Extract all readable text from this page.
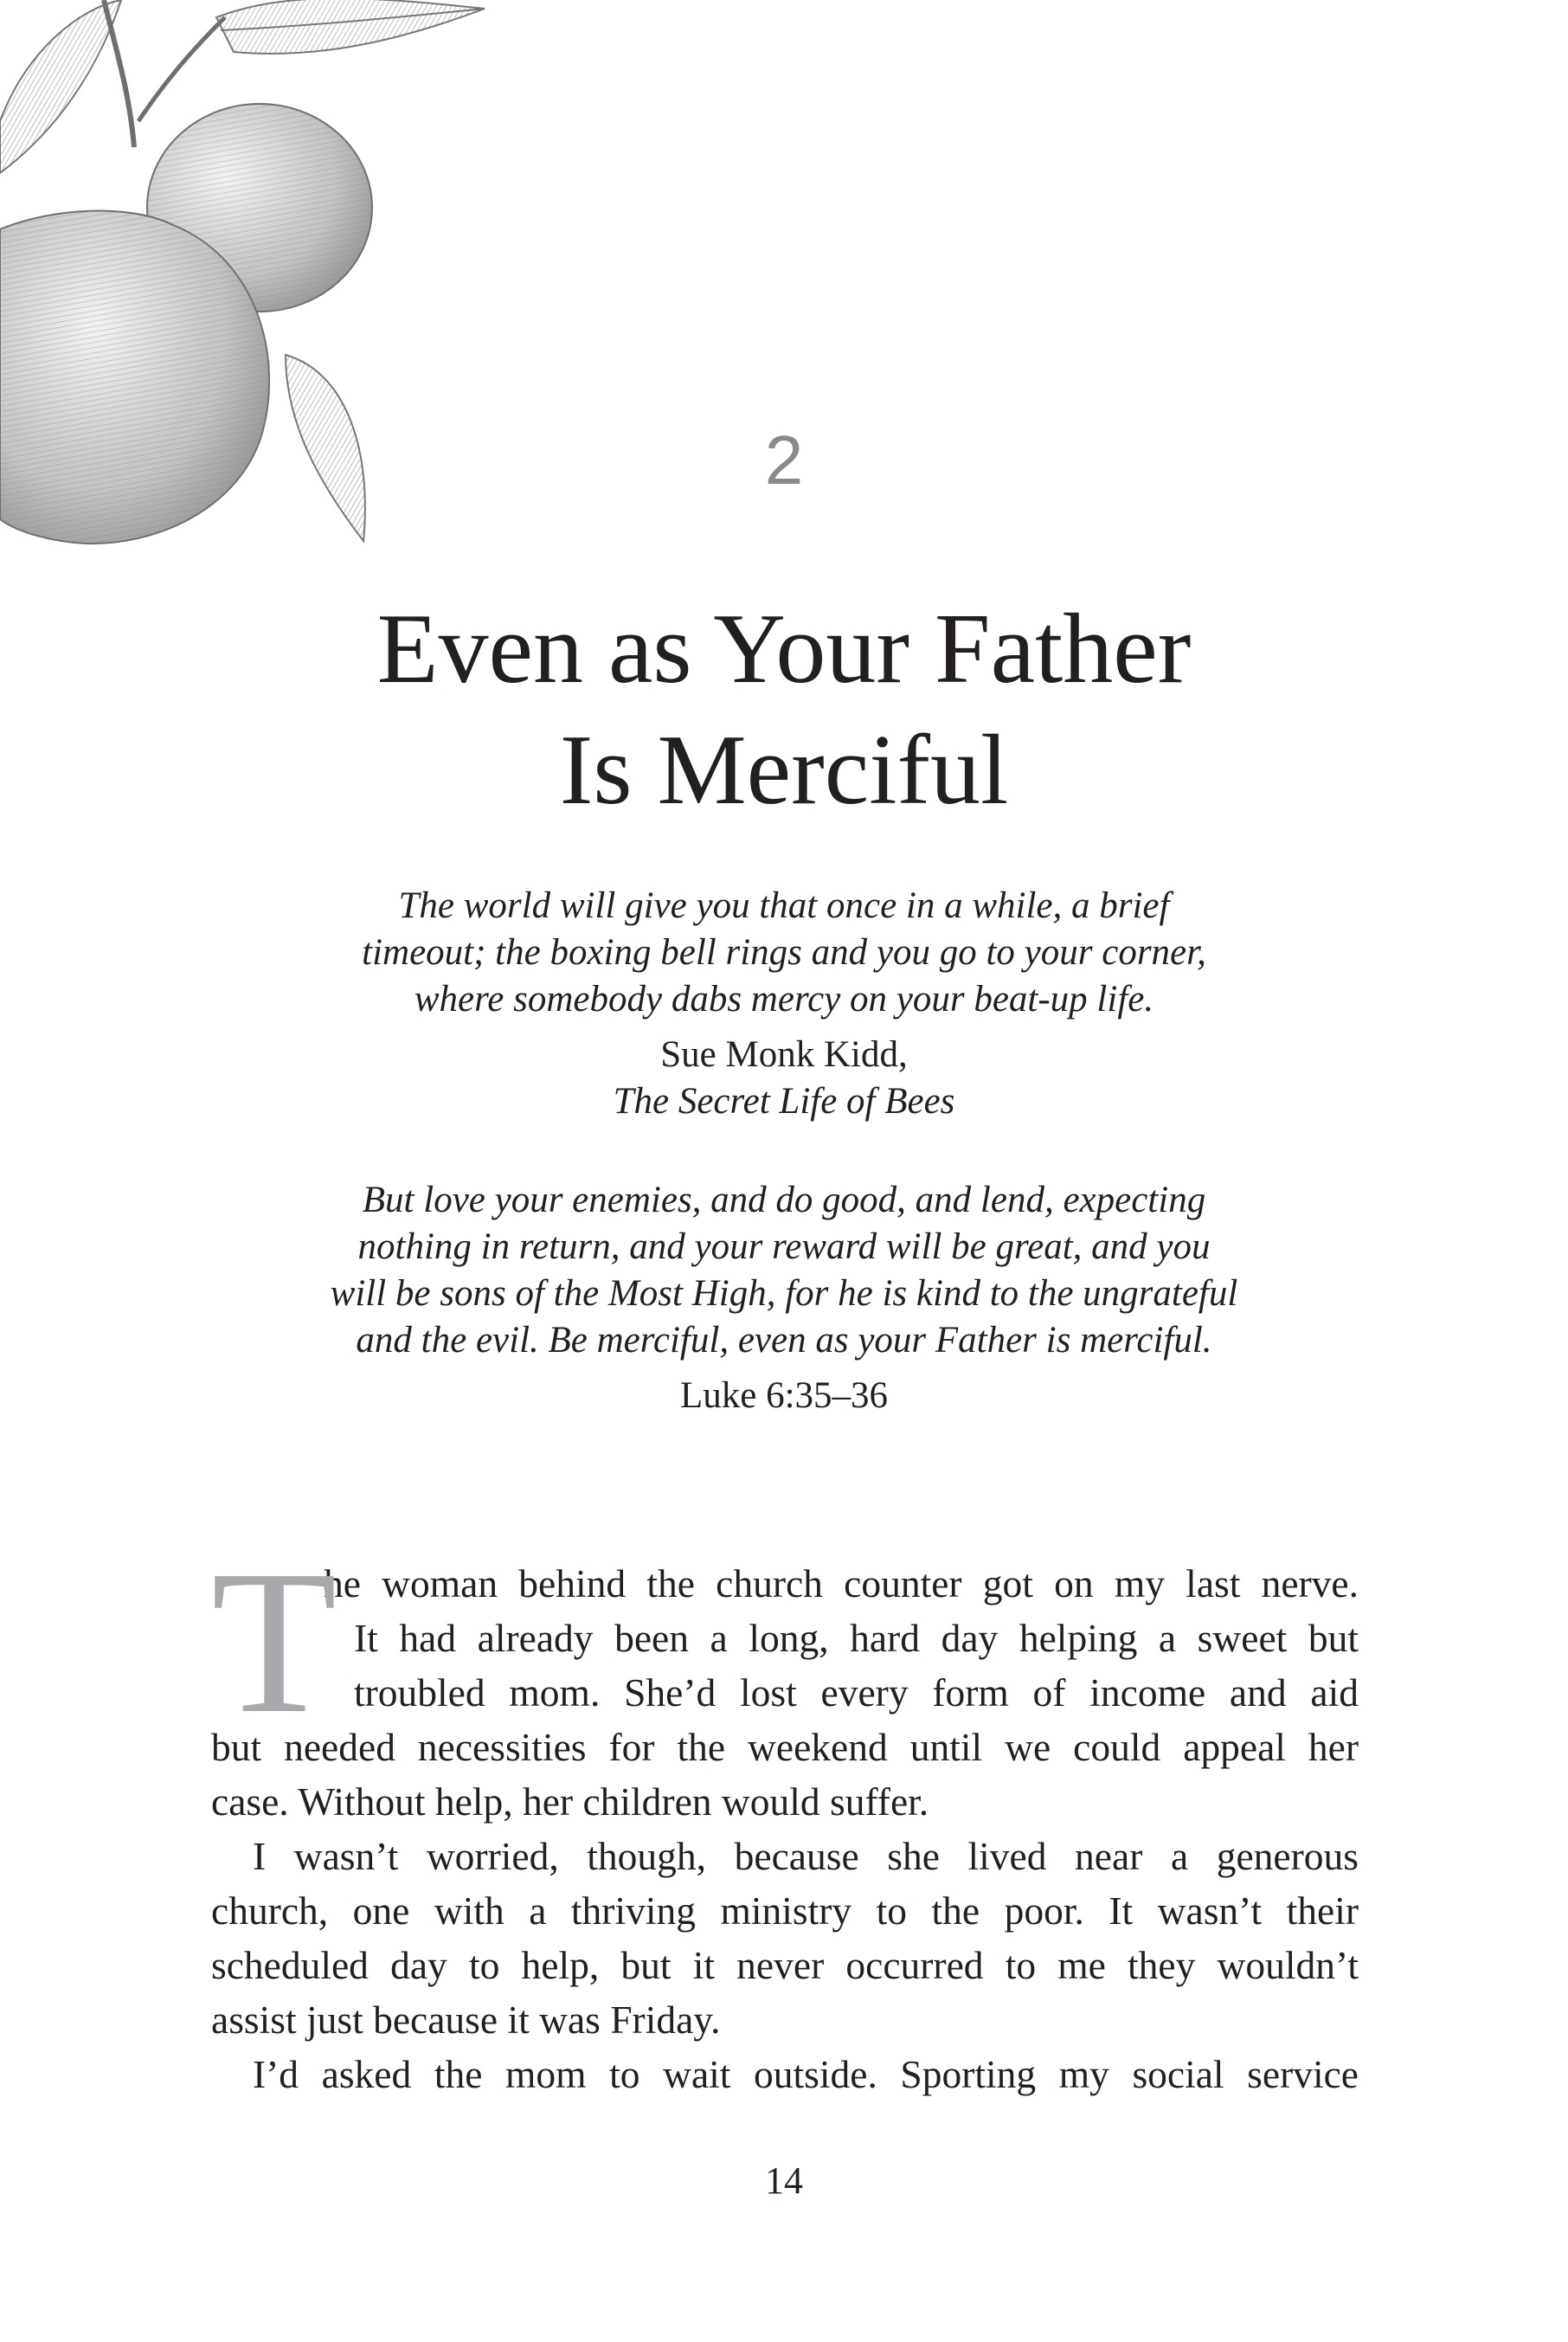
2
Even as Your Father
Is Merciful
The world will give you that once in a while, a brief
timeout; the boxing bell rings and you go to your corner,
where somebody dabs mercy on your beat-up life.
Sue Monk Kidd,
The Secret Life of Bees
But love your enemies, and do good, and lend, expecting
nothing in return, and your reward will be great, and you
will be sons of the Most High, for he is kind to the ungrateful
and the evil. Be merciful, even as your Father is merciful.
Luke 6:35–36
T
he woman behind the church counter got on my last nerve.
It had already been a long, hard day helping a sweet but
troubled mom. She’d lost every form of income and aid
but needed necessities for the weekend until we could appeal her
case. Without help, her children would suffer.
I wasn’t worried, though, because she lived near a generous
church, one with a thriving ministry to the poor. It wasn’t their
scheduled day to help, but it never occurred to me they wouldn’t
assist just because it was Friday.
I’d asked the mom to wait outside. Sporting my social service
14
